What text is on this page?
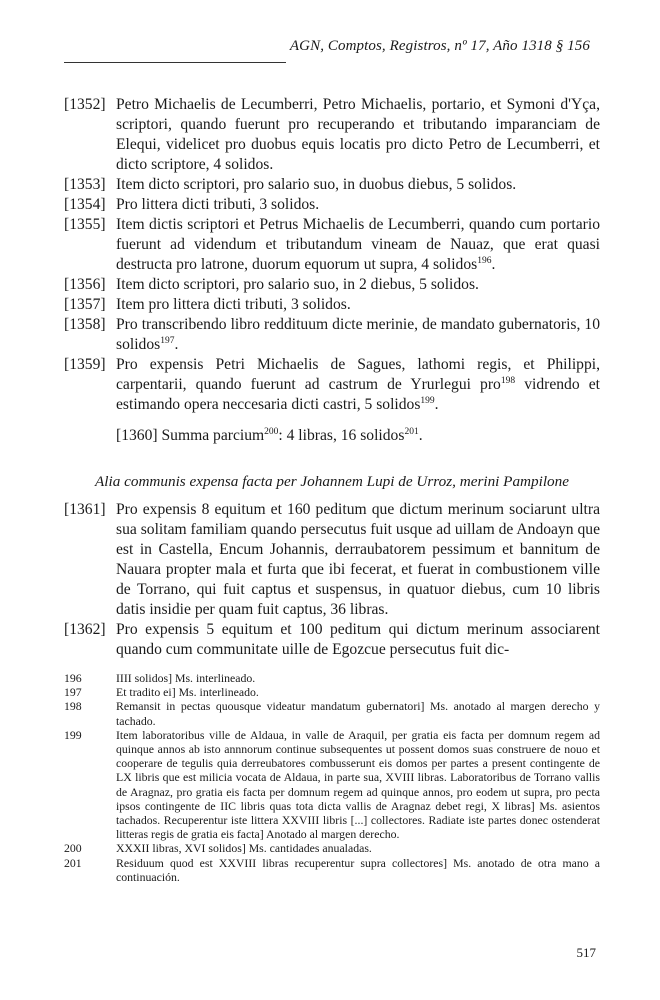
AGN, Comptos, Registros, nº 17, Año 1318 § 156
[1352] Petro Michaelis de Lecumberri, Petro Michaelis, portario, et Symoni d'Yça, scriptori, quando fuerunt pro recuperando et tributando imparanciam de Elequi, videlicet pro duobus equis locatis pro dicto Petro de Lecumberri, et dicto scriptore, 4 solidos.
[1353] Item dicto scriptori, pro salario suo, in duobus diebus, 5 solidos.
[1354] Pro littera dicti tributi, 3 solidos.
[1355] Item dictis scriptori et Petrus Michaelis de Lecumberri, quando cum portario fuerunt ad videndum et tributandum vineam de Nauaz, que erat quasi destructa pro latrone, duorum equorum ut supra, 4 solidos$^{196}$.
[1356] Item dicto scriptori, pro salario suo, in 2 diebus, 5 solidos.
[1357] Item pro littera dicti tributi, 3 solidos.
[1358] Pro transcribendo libro reddituum dicte merinie, de mandato gubernatoris, 10 solidos$^{197}$.
[1359] Pro expensis Petri Michaelis de Sagues, lathomi regis, et Philippi, carpentarii, quando fuerunt ad castrum de Yrurlegui pro$^{198}$ vidrendo et estimando opera neccesaria dicti castri, 5 solidos$^{199}$.
[1360] Summa parcium$^{200}$: 4 libras, 16 solidos$^{201}$.
Alia communis expensa facta per Johannem Lupi de Urroz, merini Pampilone
[1361] Pro expensis 8 equitum et 160 peditum que dictum merinum sociarunt ultra sua solitam familiam quando persecutus fuit usque ad uillam de Andoayn que est in Castella, Encum Johannis, derraubatorem pessimum et bannitum de Nauara propter mala et furta que ibi fecerat, et fuerat in combustionem ville de Torrano, qui fuit captus et suspensus, in quatuor diebus, cum 10 libris datis insidie per quam fuit captus, 36 libras.
[1362] Pro expensis 5 equitum et 100 peditum qui dictum merinum associarent quando cum communitate uille de Egozcue persecutus fuit dic-
196	IIII solidos] Ms. interlineado.
197	Et tradito ei] Ms. interlineado.
198	Remansit in pectas quousque videatur mandatum gubernatori] Ms. anotado al margen derecho y tachado.
199	Item laboratoribus ville de Aldaua, in valle de Araquil, per gratia eis facta per domnum regem ad quinque annos ab isto annnorum continue subsequentes ut possent domos suas construere de nouo et cooperare de tegulis quia derreubatores combusserunt eis domos per partes a present contingente de LX libris que est milicia vocata de Aldaua, in parte sua, XVIII libras. Laboratoribus de Torrano vallis de Aragnaz, pro gratia eis facta per domnum regem ad quinque annos, pro eodem ut supra, pro pecta ipsos contingente de IIC libris quas tota dicta vallis de Aragnaz debet regi, X libras] Ms. asientos tachados. Recuperentur iste littera XXVIII libris [...] collectores. Radiate iste partes donec ostenderat litteras regis de gratia eis facta] Anotado al margen derecho.
200	XXXII libras, XVI solidos] Ms. cantidades anualadas.
201	Residuum quod est XXVIII libras recuperentur supra collectores] Ms. anotado de otra mano a continuación.
517
